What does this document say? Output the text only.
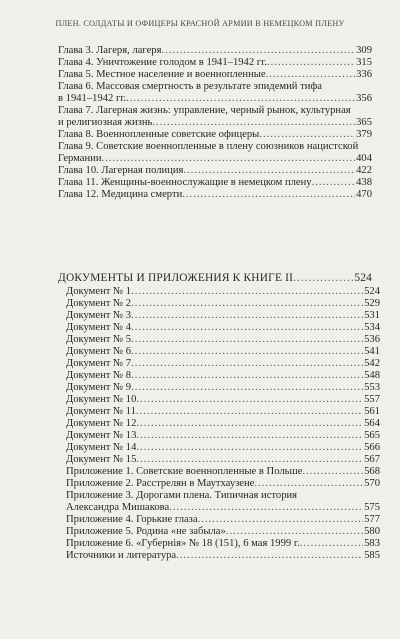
ПЛЕН. СОЛДАТЫ И ОФИЦЕРЫ КРАСНОЙ АРМИИ В НЕМЕЦКОМ ПЛЕНУ
Глава 3. Лагеря, лагеря .....	309
Глава 4. Уничтожение голодом в 1941–1942 гг. .....	315
Глава 5. Местное население и военнопленные .....	336
Глава 6. Массовая смертность в результате эпидемий тифа
в 1941–1942 гг. .....	356
Глава 7. Лагерная жизнь: управление, черный рынок, культурная
и религиозная жизнь .....	365
Глава 8. Военнопленные советские офицеры .....	379
Глава 9. Советские военнопленные в плену союзников нацистской
Германии .....	404
Глава 10. Лагерная полиция .....	422
Глава 11. Женщины-военнослужащие в немецком плену .....	438
Глава 12. Медицина смерти .....	470
ДОКУМЕНТЫ И ПРИЛОЖЕНИЯ К КНИГЕ II .....	524
Документ № 1 .....	524
Документ № 2 .....	529
Документ № 3 .....	531
Документ № 4 .....	534
Документ № 5 .....	536
Документ № 6 .....	541
Документ № 7 .....	542
Документ № 8 .....	548
Документ № 9 .....	553
Документ № 10 .....	557
Документ № 11 .....	561
Документ № 12 .....	564
Документ № 13 .....	565
Документ № 14 .....	566
Документ № 15 .....	567
Приложение 1. Советские военнопленные в Польше .....	568
Приложение 2. Расстрелян в Маутхаузене .....	570
Приложение 3. Дорогами плена. Типичная история
Александра Мишакова .....	575
Приложение 4. Горькие глаза .....	577
Приложение 5. Родина «не забыла» .....	580
Приложение 6. «Губернiя» № 18 (151), 6 мая 1999 г. .....	583
Источники и литература .....	585
